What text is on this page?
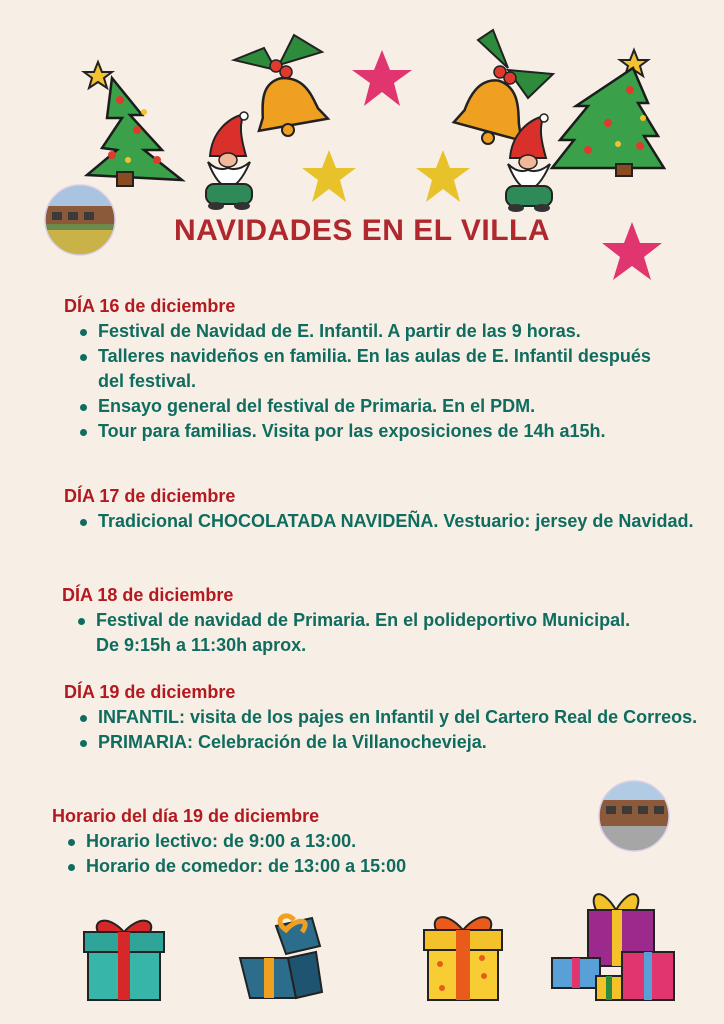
NAVIDADES EN EL VILLA
DÍA 16 de diciembre
Festival de Navidad de E. Infantil. A partir de las 9 horas.
Talleres navideños en familia. En las aulas de E. Infantil después del festival.
Ensayo general del festival de Primaria. En el PDM.
Tour para familias. Visita por las exposiciones de 14h a15h.
DÍA 17 de diciembre
Tradicional CHOCOLATADA NAVIDEÑA. Vestuario: jersey de Navidad.
DÍA 18 de diciembre
Festival de navidad de Primaria. En el polideportivo Municipal. De 9:15h a 11:30h aprox.
DÍA 19 de diciembre
INFANTIL: visita de los pajes en Infantil y del Cartero Real de Correos.
PRIMARIA: Celebración de la Villanochevieja.
Horario del día 19 de diciembre
Horario lectivo: de 9:00 a 13:00.
Horario de comedor: de 13:00 a 15:00
